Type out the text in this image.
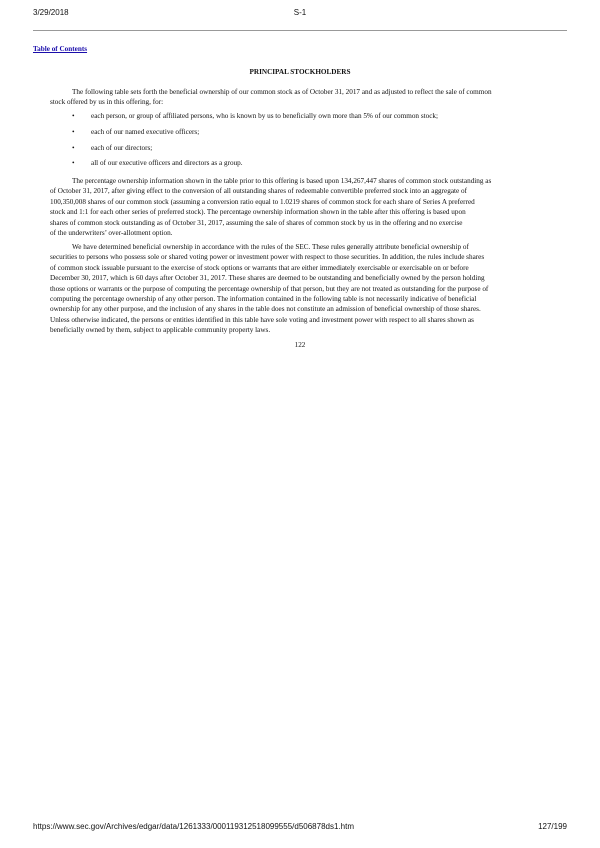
3/29/2018	S-1
Table of Contents
PRINCIPAL STOCKHOLDERS
The following table sets forth the beneficial ownership of our common stock as of October 31, 2017 and as adjusted to reflect the sale of common
stock offered by us in this offering, for:
• each person, or group of affiliated persons, who is known by us to beneficially own more than 5% of our common stock;
• each of our named executive officers;
• each of our directors;
• all of our executive officers and directors as a group.
The percentage ownership information shown in the table prior to this offering is based upon 134,267,447 shares of common stock outstanding as
of October 31, 2017, after giving effect to the conversion of all outstanding shares of redeemable convertible preferred stock into an aggregate of
100,350,008 shares of our common stock (assuming a conversion ratio equal to 1.0219 shares of common stock for each share of Series A preferred
stock and 1:1 for each other series of preferred stock). The percentage ownership information shown in the table after this offering is based upon
shares of common stock outstanding as of October 31, 2017, assuming the sale of shares of common stock by us in the offering and no exercise
of the underwriters’ over-allotment option.
We have determined beneficial ownership in accordance with the rules of the SEC. These rules generally attribute beneficial ownership of
securities to persons who possess sole or shared voting power or investment power with respect to those securities. In addition, the rules include shares
of common stock issuable pursuant to the exercise of stock options or warrants that are either immediately exercisable or exercisable on or before
December 30, 2017, which is 60 days after October 31, 2017. These shares are deemed to be outstanding and beneficially owned by the person holding
those options or warrants or the purpose of computing the percentage ownership of that person, but they are not treated as outstanding for the purpose of
computing the percentage ownership of any other person. The information contained in the following table is not necessarily indicative of beneficial
ownership for any other purpose, and the inclusion of any shares in the table does not constitute an admission of beneficial ownership of those shares.
Unless otherwise indicated, the persons or entities identified in this table have sole voting and investment power with respect to all shares shown as
beneficially owned by them, subject to applicable community property laws.
122
https://www.sec.gov/Archives/edgar/data/1261333/000119312518099555/d506878ds1.htm	127/199
